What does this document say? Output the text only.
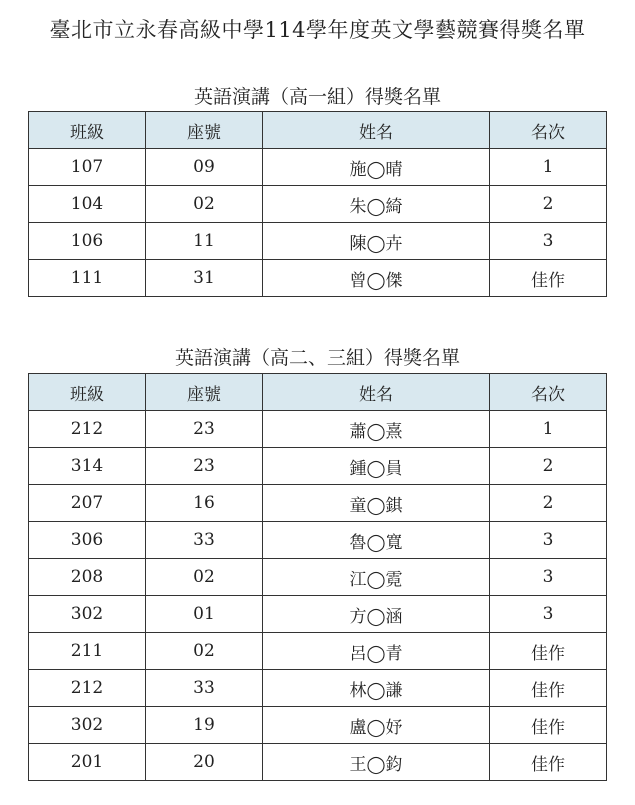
臺北市立永春高級中學114學年度英文學藝競賽得獎名單
英語演講（高一組）得獎名單
班級	座號	姓名	名次
107	09	施◯晴	1
104	02	朱◯綺	2
106	11	陳◯卉	3
111	31	曾◯傑	佳作
英語演講（高二、三組）得獎名單
班級	座號	姓名	名次
212	23	蕭◯熹	1
314	23	鍾◯員	2
207	16	童◯錤	2
306	33	魯◯寬	3
208	02	江◯霓	3
302	01	方◯涵	3
211	02	呂◯青	佳作
212	33	林◯謙	佳作
302	19	盧◯妤	佳作
201	20	王◯鈞	佳作
